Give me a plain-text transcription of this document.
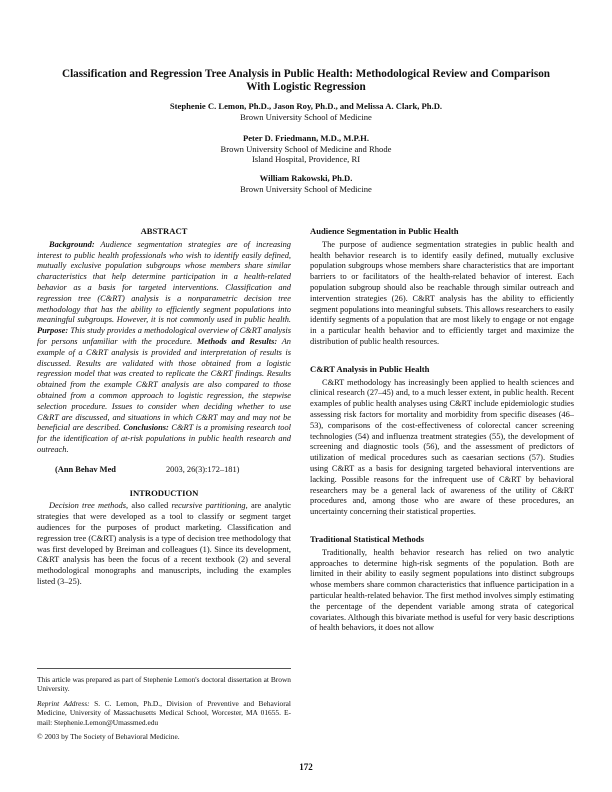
Classification and Regression Tree Analysis in Public Health: Methodological Review and Comparison With Logistic Regression
Stephenie C. Lemon, Ph.D., Jason Roy, Ph.D., and Melissa A. Clark, Ph.D.
Brown University School of Medicine
Peter D. Friedmann, M.D., M.P.H.
Brown University School of Medicine and Rhode Island Hospital, Providence, RI
William Rakowski, Ph.D.
Brown University School of Medicine
ABSTRACT

Background: Audience segmentation strategies are of increasing interest to public health professionals who wish to identify easily defined, mutually exclusive population subgroups whose members share similar characteristics that help determine participation in a health-related behavior as a basis for targeted interventions. Classification and regression tree (C&RT) analysis is a nonparametric decision tree methodology that has the ability to efficiently segment populations into meaningful subgroups. However, it is not commonly used in public health. Purpose: This study provides a methodological overview of C&RT analysis for persons unfamiliar with the procedure. Methods and Results: An example of a C&RT analysis is provided and interpretation of results is discussed. Results are validated with those obtained from a logistic regression model that was created to replicate the C&RT findings. Results obtained from the example C&RT analysis are also compared to those obtained from a common approach to logistic regression, the stepwise selection procedure. Issues to consider when deciding whether to use C&RT are discussed, and situations in which C&RT may and may not be beneficial are described. Conclusions: C&RT is a promising research tool for the identification of at-risk populations in public health research and outreach.

(Ann Behav Med	2003, 26(3):172–181)
INTRODUCTION

Decision tree methods, also called recursive partitioning, are analytic strategies that were developed as a tool to classify or segment target audiences for the purposes of product marketing. Classification and regression tree (C&RT) analysis is a type of decision tree methodology that was first developed by Breiman and colleagues (1). Since its development, C&RT analysis has been the focus of a recent textbook (2) and several methodological monographs and manuscripts, including the examples listed (3–25).

This article was prepared as part of Stephenie Lemon's doctoral dissertation at Brown University.

Reprint Address: S. C. Lemon, Ph.D., Division of Preventive and Behavioral Medicine, University of Massachusetts Medical School, Worcester, MA 01655. E-mail: Stephenie.Lemon@Umassmed.edu

© 2003 by The Society of Behavioral Medicine.

Audience Segmentation in Public Health

The purpose of audience segmentation strategies in public health and health behavior research is to identify easily defined, mutually exclusive population subgroups whose members share characteristics that are important barriers to or facilitators of the health-related behavior of interest. Each population subgroup should also be reachable through similar outreach and intervention strategies (26). C&RT analysis has the ability to efficiently segment populations into meaningful subsets. This allows researchers to easily identify segments of a population that are most likely to engage or not engage in a particular health behavior and to efficiently target and maximize the distribution of public health resources.

C&RT Analysis in Public Health

C&RT methodology has increasingly been applied to health sciences and clinical research (27–45) and, to a much lesser extent, in public health. Recent examples of public health analyses using C&RT include epidemiologic studies assessing risk factors for mortality and morbidity from specific diseases (46–53), comparisons of the cost-effectiveness of colorectal cancer screening technologies (54) and influenza treatment strategies (55), the development of screening and diagnostic tools (56), and the assessment of predictors of utilization of medical procedures such as caesarian sections (57). Studies using C&RT as a basis for designing targeted behavioral interventions are lacking. Possible reasons for the infrequent use of C&RT by behavioral researchers may be a general lack of awareness of the utility of C&RT procedures and, among those who are aware of these procedures, an uncertainty concerning their statistical properties.

Traditional Statistical Methods

Traditionally, health behavior research has relied on two analytic approaches to determine high-risk segments of the population. Both are limited in their ability to easily segment populations into distinct subgroups whose members share common characteristics that influence participation in a particular health-related behavior. The first method involves simply estimating the percentage of the dependent variable among strata of categorical covariates. Although this bivariate method is useful for very basic descriptions of health behaviors, it does not allow

172
